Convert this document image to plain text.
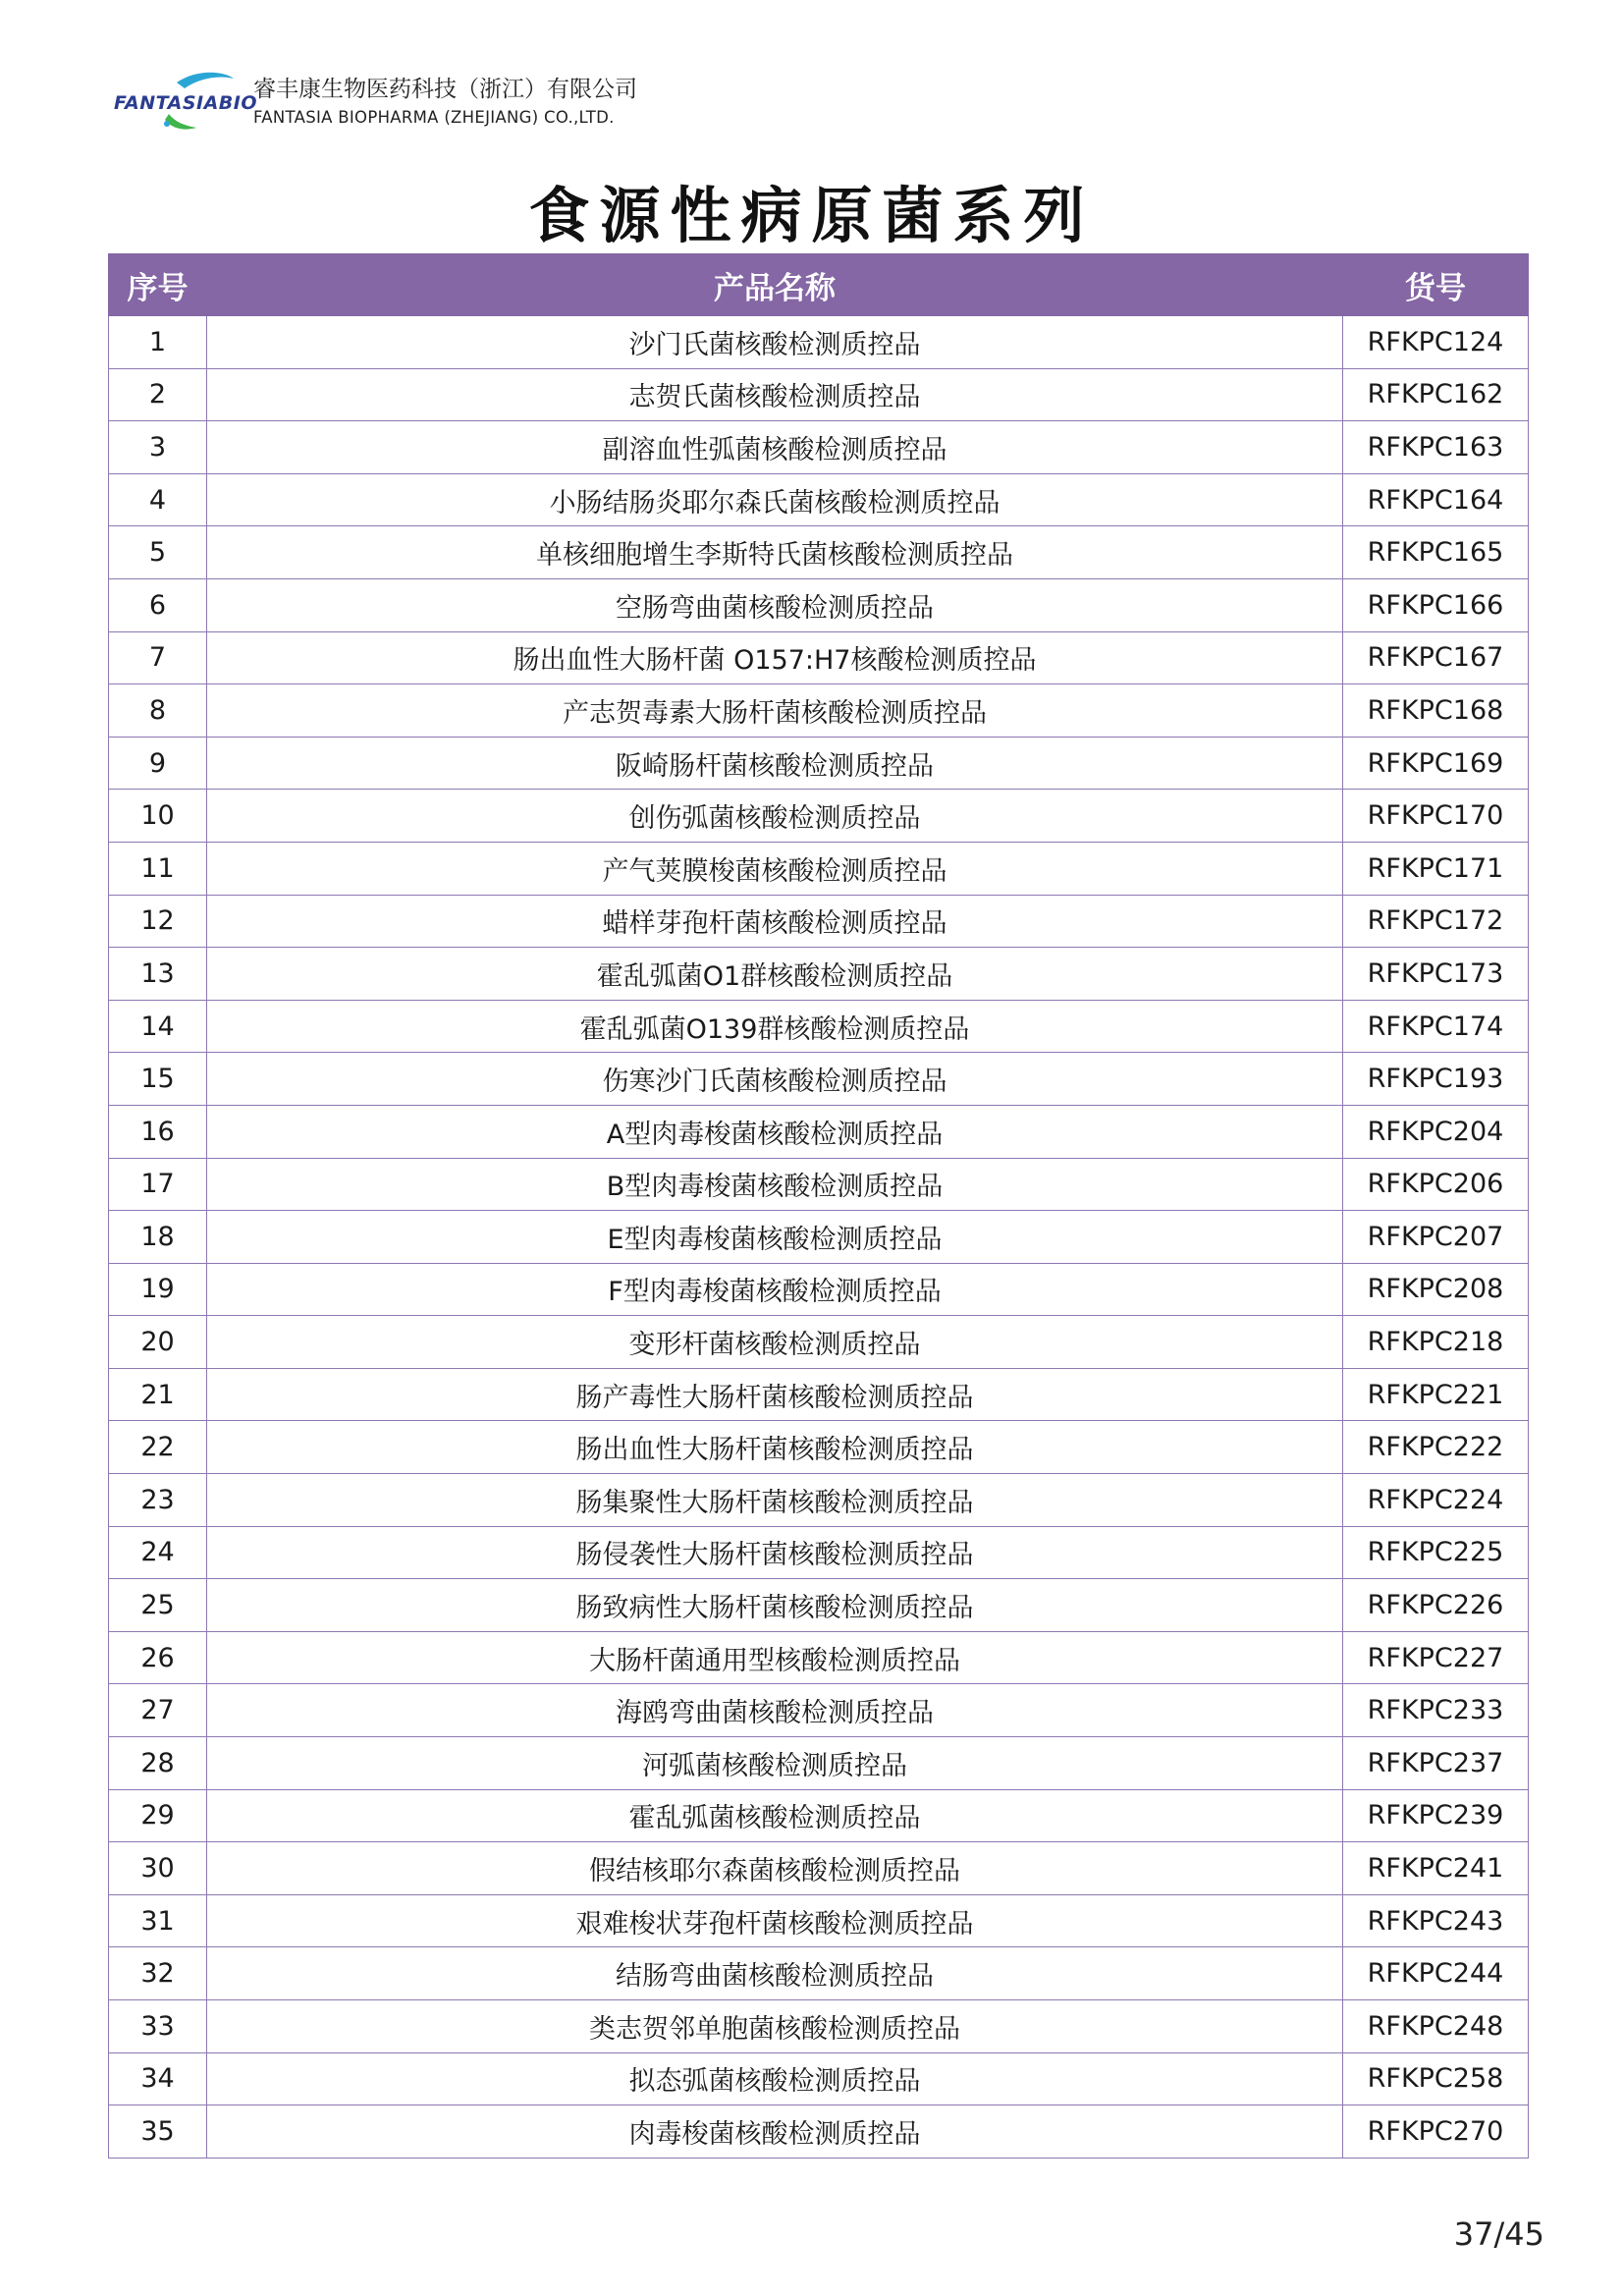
FANTASIABIO
睿丰康生物医药科技（浙江）有限公司
FANTASIA BIOPHARMA (ZHEJIANG) CO.,LTD.
食源性病原菌系列
序号	产品名称	货号
1	沙门氏菌核酸检测质控品	RFKPC124
2	志贺氏菌核酸检测质控品	RFKPC162
3	副溶血性弧菌核酸检测质控品	RFKPC163
4	小肠结肠炎耶尔森氏菌核酸检测质控品	RFKPC164
5	单核细胞增生李斯特氏菌核酸检测质控品	RFKPC165
6	空肠弯曲菌核酸检测质控品	RFKPC166
7	肠出血性大肠杆菌 O157:H7核酸检测质控品	RFKPC167
8	产志贺毒素大肠杆菌核酸检测质控品	RFKPC168
9	阪崎肠杆菌核酸检测质控品	RFKPC169
10	创伤弧菌核酸检测质控品	RFKPC170
11	产气荚膜梭菌核酸检测质控品	RFKPC171
12	蜡样芽孢杆菌核酸检测质控品	RFKPC172
13	霍乱弧菌O1群核酸检测质控品	RFKPC173
14	霍乱弧菌O139群核酸检测质控品	RFKPC174
15	伤寒沙门氏菌核酸检测质控品	RFKPC193
16	A型肉毒梭菌核酸检测质控品	RFKPC204
17	B型肉毒梭菌核酸检测质控品	RFKPC206
18	E型肉毒梭菌核酸检测质控品	RFKPC207
19	F型肉毒梭菌核酸检测质控品	RFKPC208
20	变形杆菌核酸检测质控品	RFKPC218
21	肠产毒性大肠杆菌核酸检测质控品	RFKPC221
22	肠出血性大肠杆菌核酸检测质控品	RFKPC222
23	肠集聚性大肠杆菌核酸检测质控品	RFKPC224
24	肠侵袭性大肠杆菌核酸检测质控品	RFKPC225
25	肠致病性大肠杆菌核酸检测质控品	RFKPC226
26	大肠杆菌通用型核酸检测质控品	RFKPC227
27	海鸥弯曲菌核酸检测质控品	RFKPC233
28	河弧菌核酸检测质控品	RFKPC237
29	霍乱弧菌核酸检测质控品	RFKPC239
30	假结核耶尔森菌核酸检测质控品	RFKPC241
31	艰难梭状芽孢杆菌核酸检测质控品	RFKPC243
32	结肠弯曲菌核酸检测质控品	RFKPC244
33	类志贺邻单胞菌核酸检测质控品	RFKPC248
34	拟态弧菌核酸检测质控品	RFKPC258
35	肉毒梭菌核酸检测质控品	RFKPC270
37/45
